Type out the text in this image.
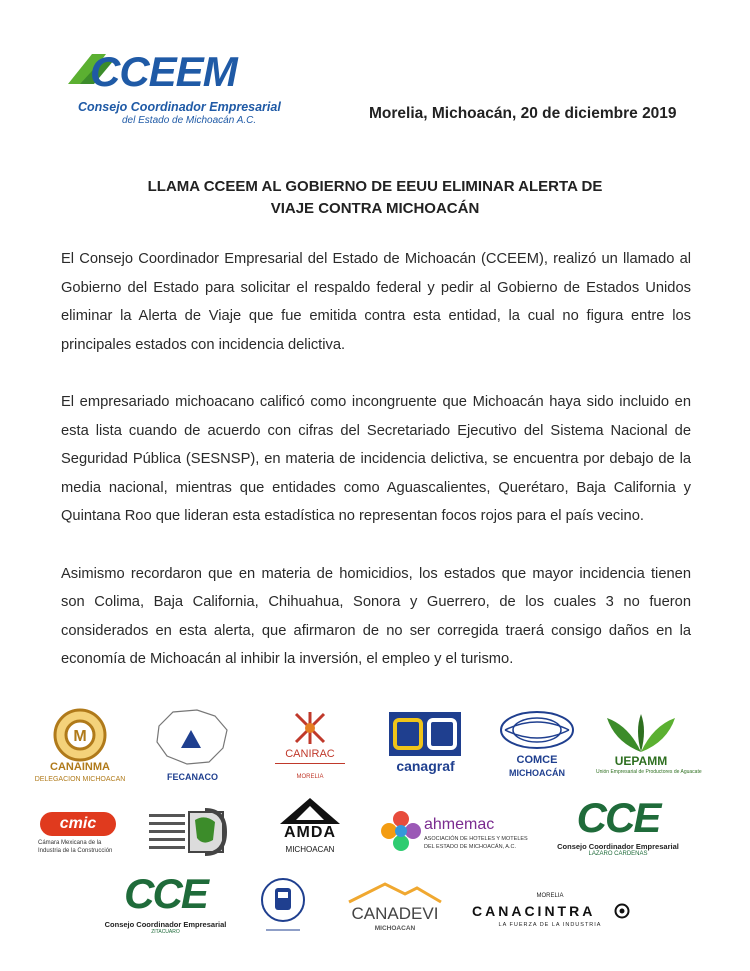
CCEEM
Consejo Coordinador Empresarial
del Estado de Michoacán A.C.	Morelia, Michoacán, 20 de diciembre 2019
LLAMA CCEEM AL GOBIERNO DE EEUU ELIMINAR ALERTA DE
VIAJE CONTRA MICHOACÁN

El Consejo Coordinador Empresarial del Estado de Michoacán (CCEEM), realizó un llamado al Gobierno del Estado para solicitar el respaldo federal y pedir al Gobierno de Estados Unidos eliminar la Alerta de Viaje que fue emitida contra esta entidad, la cual no figura entre los principales estados con incidencia delictiva.

El empresariado michoacano calificó como incongruente que Michoacán haya sido incluido en esta lista cuando de acuerdo con cifras del Secretariado Ejecutivo del Sistema Nacional de Seguridad Pública (SESNSP), en materia de incidencia delictiva, se encuentra por debajo de la media nacional, mientras que entidades como Aguascalientes, Querétaro, Baja California y Quintana Roo que lideran esta estadística no representan focos rojos para el país vecino.

Asimismo recordaron que en materia de homicidios, los estados que mayor incidencia tienen son Colima, Baja California, Chihuahua, Sonora y Guerrero, de los cuales 3 no fueron considerados en esta alerta, que afirmaron de no ser corregida traerá consigo daños en la economía de Michoacán al inhibir la inversión, el empleo y el turismo.

M
CANAINMA
DELEGACION MICHOACAN	FECANACO
CANIRAC
MORELIA
canagraf	COMCE
MICHOACÁN
UEPAMM
Unión Empresarial de Productores de Aguacate
cmic
Cámara Mexicana de la
Industria de la Construcción
AMDA
MICHOACAN
ahmemac
ASOCIACIÓN DE HOTELES Y MOTELES
DEL ESTADO DE MICHOACÁN, A.C.
CCE
Consejo Coordinador Empresarial
LAZARO CARDENAS
CCE
Consejo Coordinador Empresarial
ZITACUARO
CANADEVI
MICHOACAN
MORELIA
CANACINTRA
LA FUERZA DE LA INDUSTRIA
